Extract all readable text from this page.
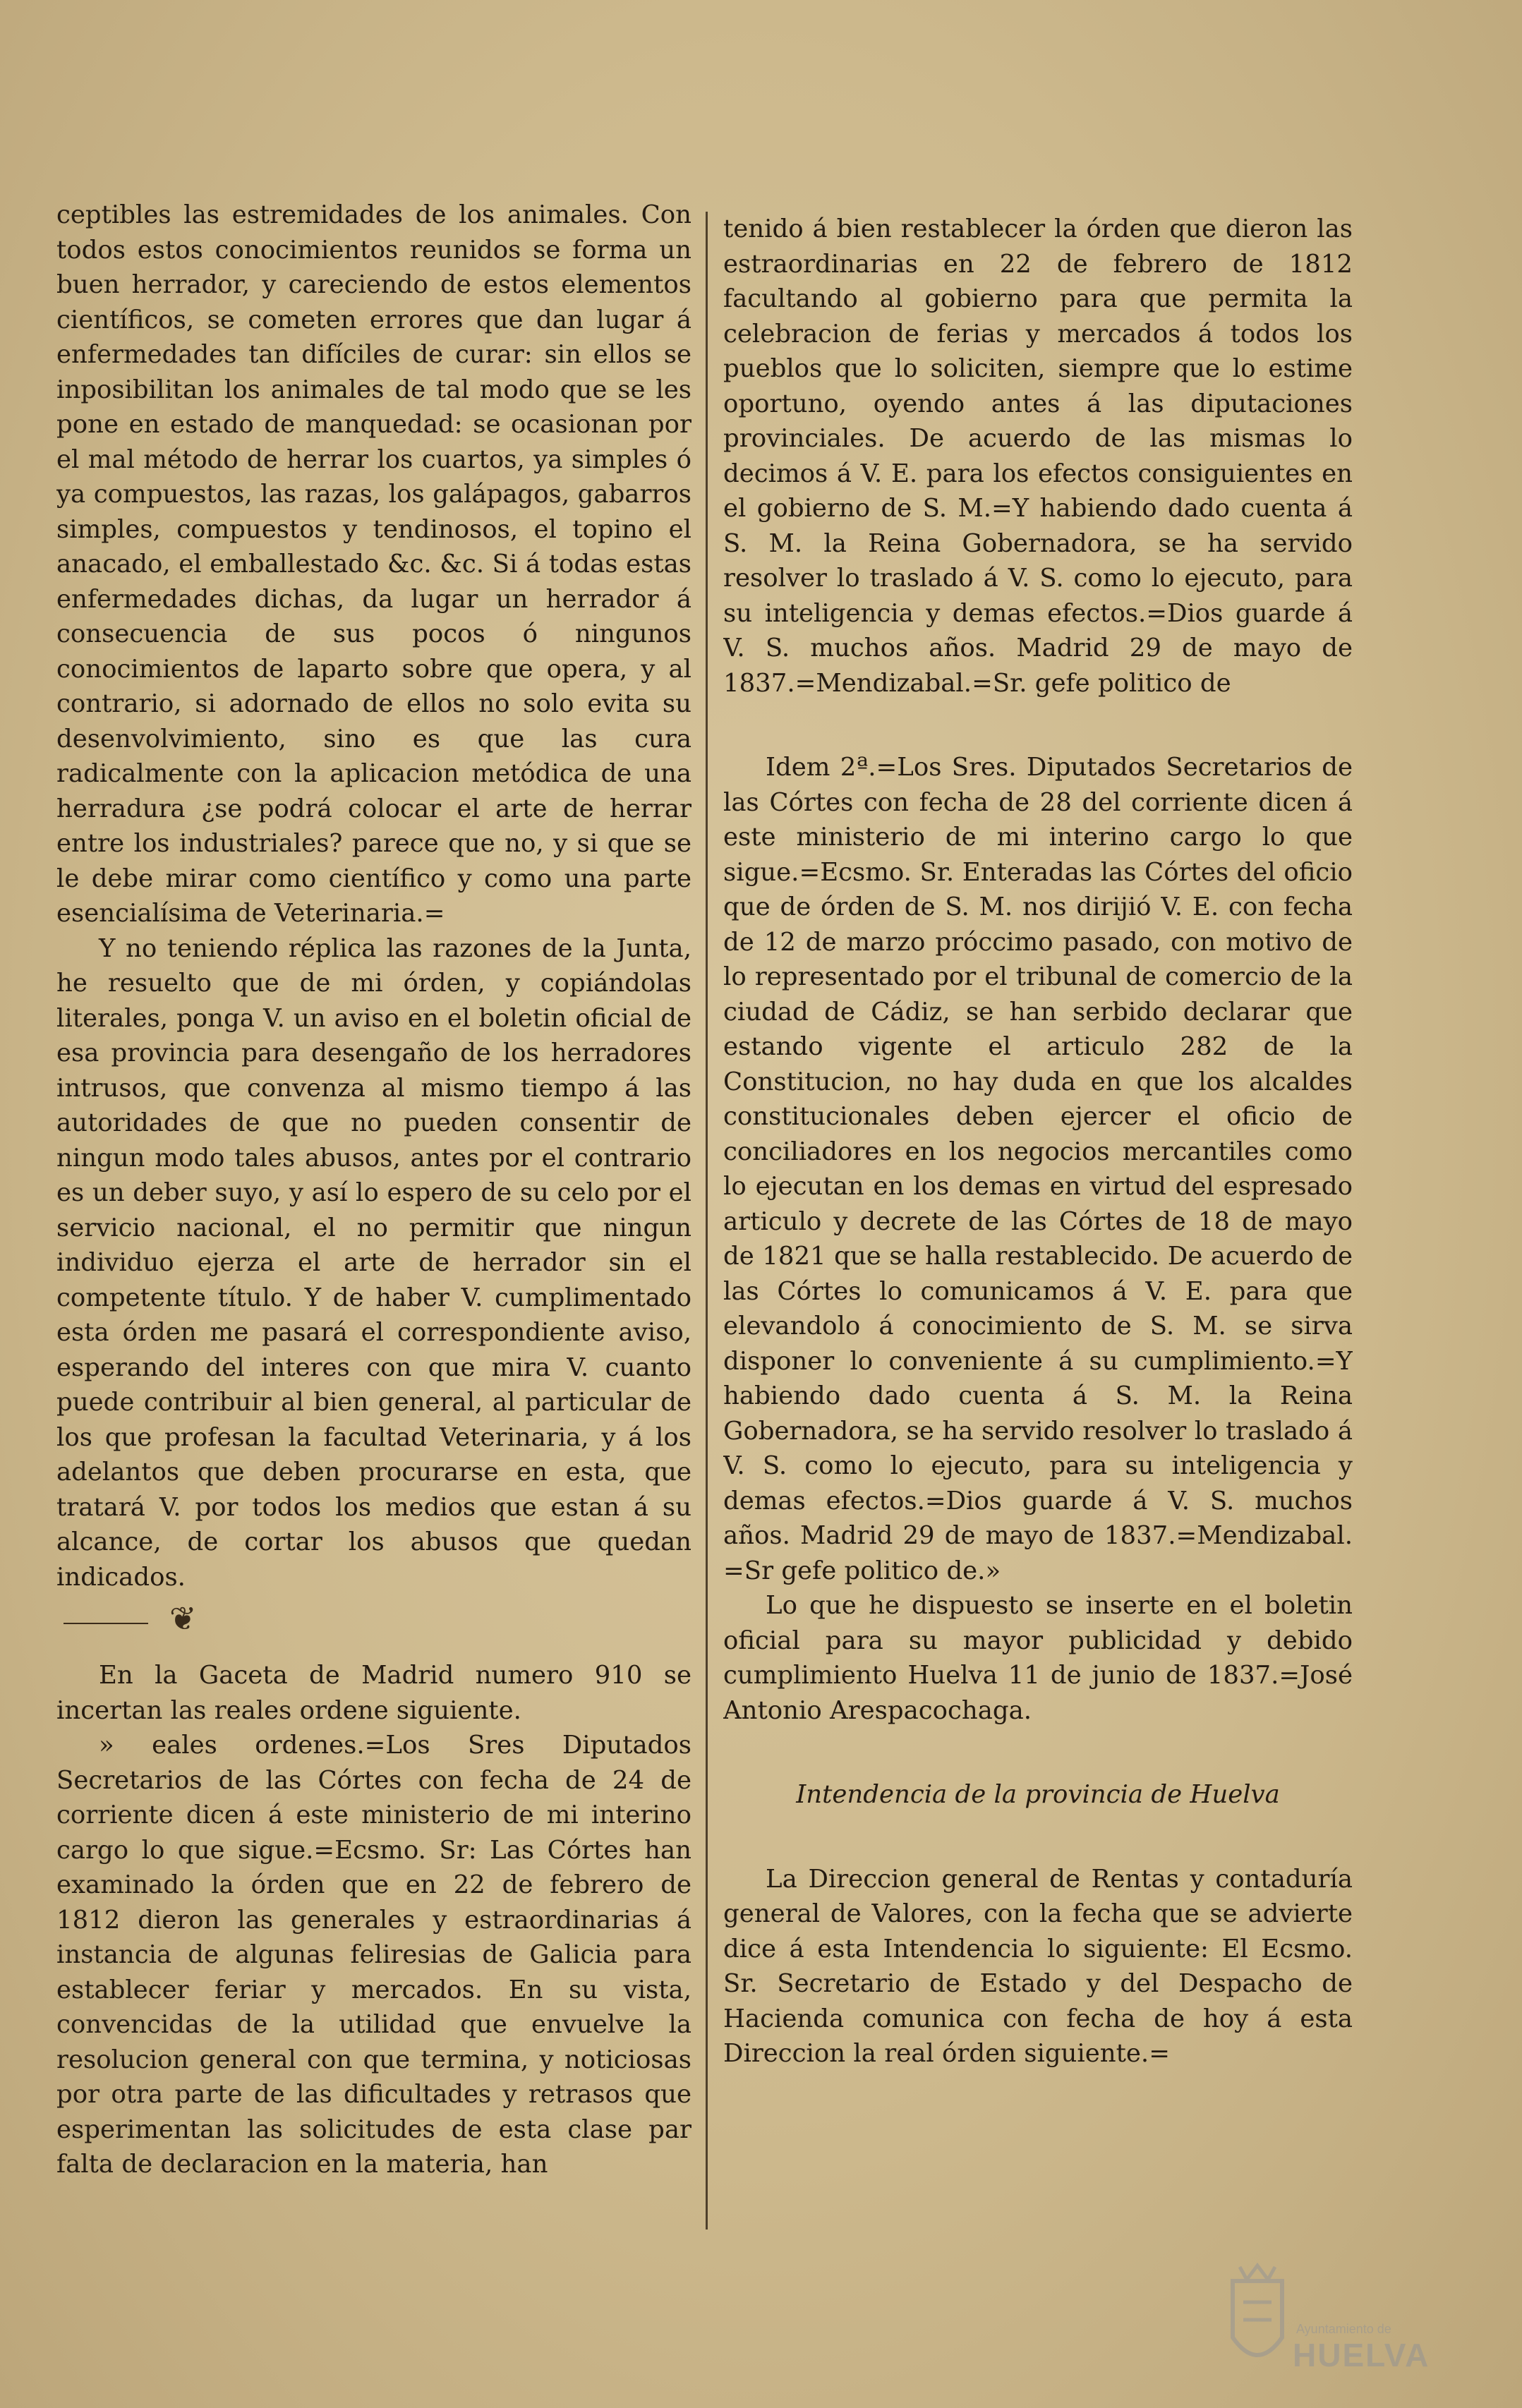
ceptibles las estremidades de los animales. Con todos estos conocimientos reunidos se forma un buen herrador, y careciendo de estos elementos científicos, se cometen errores que dan lugar á enfermedades tan difíciles de curar: sin ellos se inposibilitan los animales de tal modo que se les pone en estado de manquedad: se ocasionan por el mal método de herrar los cuartos, ya simples ó ya compuestos, las razas, los galápagos, gabarros simples, compuestos y tendinosos, el topino el anacado, el emballestado &c. &c. Si á todas estas enfermedades dichas, da lugar un herrador á consecuencia de sus pocos ó ningunos conocimientos de laparto sobre que opera, y al contrario, si adornado de ellos no solo evita su desenvolvimiento, sino es que las cura radicalmente con la aplicacion metódica de una herradura ¿se podrá colocar el arte de herrar entre los industriales? parece que no, y si que se le debe mirar como científico y como una parte esencialísima de Veterinaria.=

Y no teniendo réplica las razones de la Junta, he resuelto que de mi órden, y copiándolas literales, ponga V. un aviso en el boletin oficial de esa provincia para desengaño de los herradores intrusos, que convenza al mismo tiempo á las autoridades de que no pueden consentir de ningun modo tales abusos, antes por el contrario es un deber suyo, y así lo espero de su celo por el servicio nacional, el no permitir que ningun individuo ejerza el arte de herrador sin el competente título. Y de haber V. cumplimentado esta órden me pasará el correspondiente aviso, esperando del interes con que mira V. cuanto puede contribuir al bien general, al particular de los que profesan la facultad Veterinaria, y á los adelantos que deben procurarse en esta, que tratará V. por todos los medios que estan á su alcance, de cortar los abusos que quedan indicados.

❦

En la Gaceta de Madrid numero 910 se incertan las reales ordene siguiente.

» eales ordenes.=Los Sres Diputados Secretarios de las Córtes con fecha de 24 de corriente dicen á este ministerio de mi interino cargo lo que sigue.=Ecsmo. Sr: Las Córtes han examinado la órden que en 22 de febrero de 1812 dieron las generales y estraordinarias á instancia de algunas feliresias de Galicia para establecer feriar y mercados. En su vista, convencidas de la utilidad que envuelve la resolucion general con que termina, y noticiosas por otra parte de las dificultades y retrasos que esperimentan las solicitudes de esta clase par falta de declaracion en la materia, han

tenido á bien restablecer la órden que dieron las estraordinarias en 22 de febrero de 1812 facultando al gobierno para que permita la celebracion de ferias y mercados á todos los pueblos que lo soliciten, siempre que lo estime oportuno, oyendo antes á las diputaciones provinciales. De acuerdo de las mismas lo decimos á V. E. para los efectos consiguientes en el gobierno de S. M.=Y habiendo dado cuenta á S. M. la Reina Gobernadora, se ha servido resolver lo traslado á V. S. como lo ejecuto, para su inteligencia y demas efectos.=Dios guarde á V. S. muchos años. Madrid 29 de mayo de 1837.=Mendizabal.=Sr. gefe politico de

Idem 2ª.=Los Sres. Diputados Secretarios de las Córtes con fecha de 28 del corriente dicen á este ministerio de mi interino cargo lo que sigue.=Ecsmo. Sr. Enteradas las Córtes del oficio que de órden de S. M. nos dirijió V. E. con fecha de 12 de marzo próccimo pasado, con motivo de lo representado por el tribunal de comercio de la ciudad de Cádiz, se han serbido declarar que estando vigente el articulo 282 de la Constitucion, no hay duda en que los alcaldes constitucionales deben ejercer el oficio de conciliadores en los negocios mercantiles como lo ejecutan en los demas en virtud del espresado articulo y decrete de las Córtes de 18 de mayo de 1821 que se halla restablecido. De acuerdo de las Córtes lo comunicamos á V. E. para que elevandolo á conocimiento de S. M. se sirva disponer lo conveniente á su cumplimiento.=Y habiendo dado cuenta á S. M. la Reina Gobernadora, se ha servido resolver lo traslado á V. S. como lo ejecuto, para su inteligencia y demas efectos.=Dios guarde á V. S. muchos años. Madrid 29 de mayo de 1837.=Mendizabal. =Sr gefe politico de.»

Lo que he dispuesto se inserte en el boletin oficial para su mayor publicidad y debido cumplimiento Huelva 11 de junio de 1837.=José Antonio Arespacochaga.

Intendencia de la provincia de Huelva

La Direccion general de Rentas y contaduría general de Valores, con la fecha que se advierte dice á esta Intendencia lo siguiente: El Ecsmo. Sr. Secretario de Estado y del Despacho de Hacienda comunica con fecha de hoy á esta Direccion la real órden siguiente.=

Ayuntamiento de
HUELVA
